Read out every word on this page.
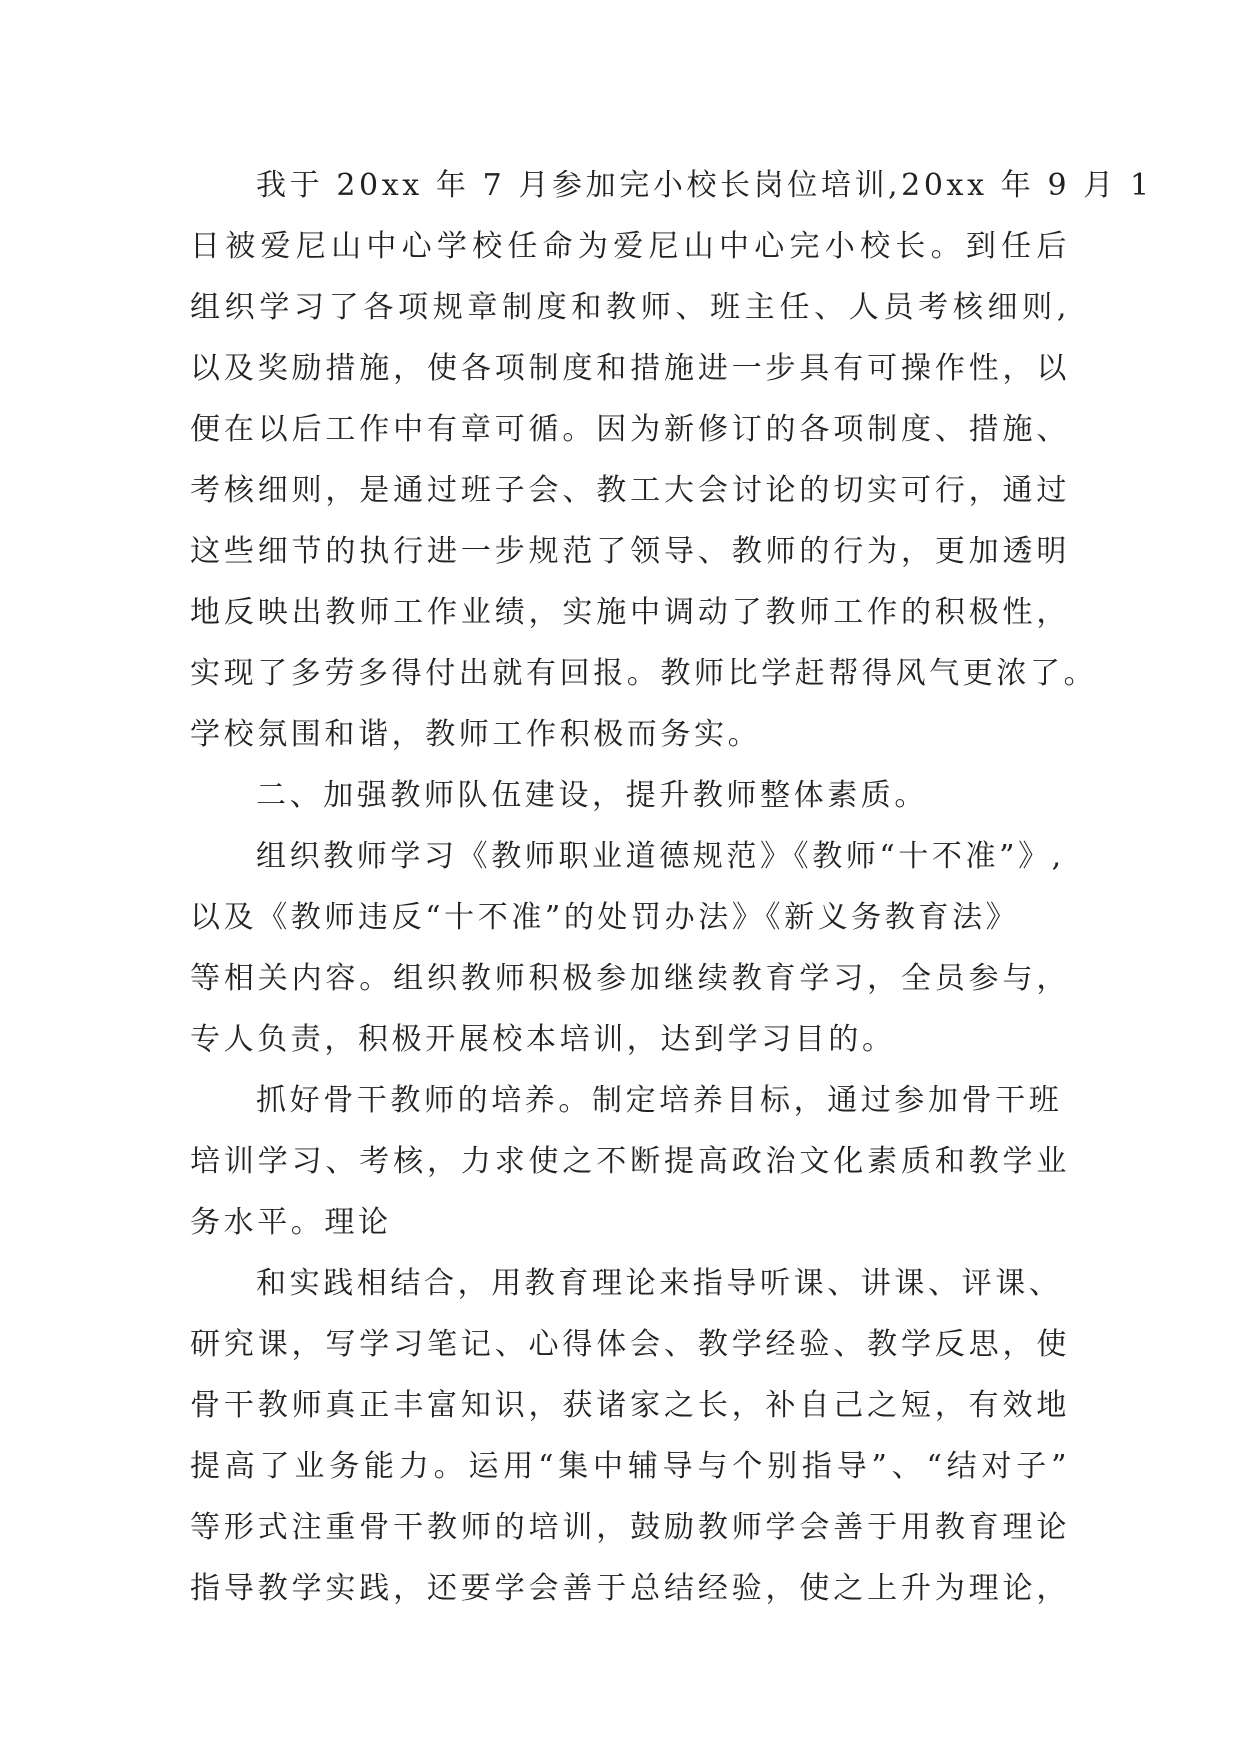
我于 20xx 年 7 月参加完小校长岗位培训,20xx 年 9 月 1
日被爱尼山中心学校任命为爱尼山中心完小校长。到任后
组织学习了各项规章制度和教师、班主任、人员考核细则,
以及奖励措施，使各项制度和措施进一步具有可操作性，以
便在以后工作中有章可循。因为新修订的各项制度、措施、
考核细则，是通过班子会、教工大会讨论的切实可行，通过
这些细节的执行进一步规范了领导、教师的行为，更加透明
地反映出教师工作业绩，实施中调动了教师工作的积极性，
实现了多劳多得付出就有回报。教师比学赶帮得风气更浓了。
学校氛围和谐，教师工作积极而务实。
二、加强教师队伍建设，提升教师整体素质。
组织教师学习《教师职业道德规范》《教师“十不准”》,
以及《教师违反“十不准”的处罚办法》《新义务教育法》
等相关内容。组织教师积极参加继续教育学习，全员参与，
专人负责，积极开展校本培训，达到学习目的。
抓好骨干教师的培养。制定培养目标，通过参加骨干班
培训学习、考核，力求使之不断提高政治文化素质和教学业
务水平。理论
和实践相结合，用教育理论来指导听课、讲课、评课、
研究课，写学习笔记、心得体会、教学经验、教学反思，使
骨干教师真正丰富知识，获诸家之长，补自己之短，有效地
提高了业务能力。运用“集中辅导与个别指导”、“结对子”
等形式注重骨干教师的培训，鼓励教师学会善于用教育理论
指导教学实践，还要学会善于总结经验，使之上升为理论，
